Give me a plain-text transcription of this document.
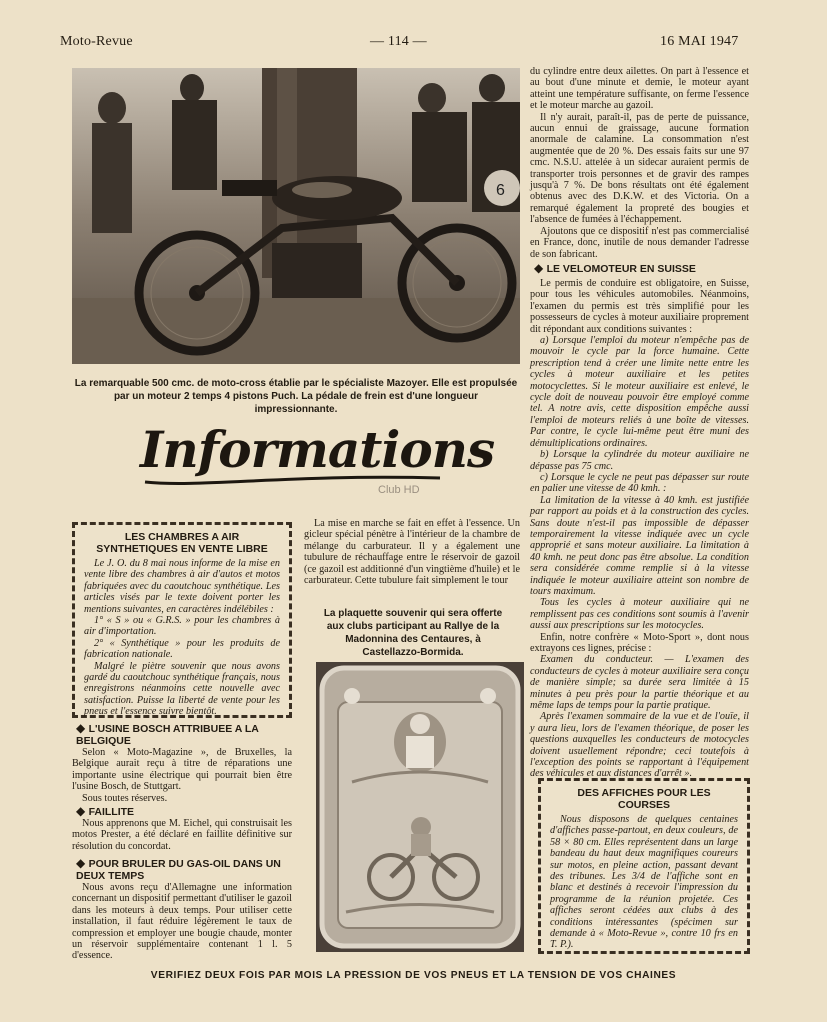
Moto-Revue	— 114 —	16 MAI 1947
6
La remarquable 500 cmc. de moto-cross établie par le spécialiste Mazoyer. Elle est propulsée par un moteur 2 temps 4 pistons Puch. La pédale de frein est d'une longueur impressionnante.
Informations
Club HD
LES CHAMBRES A AIR SYNTHETIQUES EN VENTE LIBRE

Le J. O. du 8 mai nous informe de la mise en vente libre des chambres à air d'autos et motos fabriquées avec du caoutchouc synthétique. Les articles visés par le texte doivent porter les mentions suivantes, en caractères indélébiles :

1° « S » ou « G.R.S. » pour les chambres à air d'importation.

2° « Synthétique » pour les produits de fabrication nationale.

Malgré le piètre souvenir que nous avons gardé du caoutchouc synthétique français, nous enregistrons néanmoins cette nouvelle avec satisfaction. Puisse la liberté de vente pour les pneus et l'essence suivre bientôt.

◆ L'USINE BOSCH ATTRIBUEE A LA BELGIQUE

Selon « Moto-Magazine », de Bruxelles, la Belgique aurait reçu à titre de réparations une importante usine électrique qui pourrait bien être l'usine Bosch, de Stuttgart.

Sous toutes réserves.

◆ FAILLITE

Nous apprenons que M. Eichel, qui construisait les motos Prester, a été déclaré en faillite définitive sur résolution du concordat.

◆ POUR BRULER DU GAS-OIL DANS UN DEUX TEMPS

Nous avons reçu d'Allemagne une information concernant un dispositif permettant d'utiliser le gazoil dans les moteurs à deux temps. Pour utiliser cette installation, il faut réduire légèrement le taux de compression et employer une bougie chaude, monter un réservoir supplémentaire contenant 1 l. 5 d'essence.

La mise en marche se fait en effet à l'essence. Un gicleur spécial pénètre à l'intérieur de la chambre de mélange du carburateur. Il y a également une tubulure de réchauffage entre le réservoir de gazoil (ce gazoil est additionné d'un vingtième d'huile) et le carburateur. Cette tubulure fait simplement le tour

La plaquette souvenir qui sera offerte aux clubs participant au Rallye de la Madonnina des Centaures, à Castellazzo-Bormida.

du cylindre entre deux ailettes. On part à l'essence et au bout d'une minute et demie, le moteur ayant atteint une température suffisante, on ferme l'essence et le moteur marche au gazoil.

Il n'y aurait, paraît-il, pas de perte de puissance, aucun ennui de graissage, aucune formation anormale de calamine. La consommation n'est augmentée que de 20 %. Des essais faits sur une 97 cmc. N.S.U. attelée à un sidecar auraient permis de transporter trois personnes et de gravir des rampes jusqu'à 7 %. De bons résultats ont été également obtenus avec des D.K.W. et des Victoria. On a remarqué également la propreté des bougies et l'absence de fumées à l'échappement.

Ajoutons que ce dispositif n'est pas commercialisé en France, donc, inutile de nous demander l'adresse de son fabricant.

◆ LE VELOMOTEUR EN SUISSE

Le permis de conduire est obligatoire, en Suisse, pour tous les véhicules automobiles. Néanmoins, l'examen du permis est très simplifié pour les possesseurs de cycles à moteur auxiliaire proprement dit répondant aux conditions suivantes :

a) Lorsque l'emploi du moteur n'empêche pas de mouvoir le cycle par la force humaine. Cette prescription tend à créer une limite nette entre les cycles à moteur auxiliaire et les petites motocyclettes. Si le moteur auxiliaire est enlevé, le cycle doit de nouveau pouvoir être employé comme tel. A notre avis, cette disposition empêche aussi l'emploi de moteurs reliés à une boîte de vitesses. Par contre, le cycle lui-même peut être muni des démultiplications ordinaires.

b) Lorsque la cylindrée du moteur auxiliaire ne dépasse pas 75 cmc.

c) Lorsque le cycle ne peut pas dépasser sur route en palier une vitesse de 40 kmh. :

La limitation de la vitesse à 40 kmh. est justifiée par rapport au poids et à la construction des cycles. Sans doute n'est-il pas impossible de dépasser temporairement la vitesse indiquée avec un cycle approprié et sans moteur auxiliaire. La limitation à 40 kmh. ne peut donc pas être absolue. La condition sera considérée comme remplie si à la vitesse indiquée le moteur auxiliaire atteint son nombre de tours maximum.

Tous les cycles à moteur auxiliaire qui ne remplissent pas ces conditions sont soumis à l'avenir aussi aux prescriptions sur les motocycles.

Enfin, notre confrère « Moto-Sport », dont nous extrayons ces lignes, précise :

Examen du conducteur. — L'examen des conducteurs de cycles à moteur auxiliaire sera conçu de manière simple; sa durée sera limitée à 15 minutes à peu près pour la partie théorique et au même laps de temps pour la partie pratique.

Après l'examen sommaire de la vue et de l'ouïe, il y aura lieu, lors de l'examen théorique, de poser les questions auxquelles les conducteurs de motocycles doivent usuellement répondre; ceci toutefois à l'exception des points se rapportant à l'équipement des véhicules et aux distances d'arrêt ».

DES AFFICHES POUR LES COURSES

Nous disposons de quelques centaines d'affiches passe-partout, en deux couleurs, de 58 × 80 cm. Elles représentent dans un large bandeau du haut deux magnifiques coureurs sur motos, en pleine action, passant devant des tribunes. Les 3/4 de l'affiche sont en blanc et destinés à recevoir l'impression du programme de la réunion projetée. Ces affiches seront cédées aux clubs à des conditions intéressantes (spécimen sur demande à « Moto-Revue », contre 10 frs en T. P.).

VERIFIEZ DEUX FOIS PAR MOIS LA PRESSION DE VOS PNEUS ET LA TENSION DE VOS CHAINES
